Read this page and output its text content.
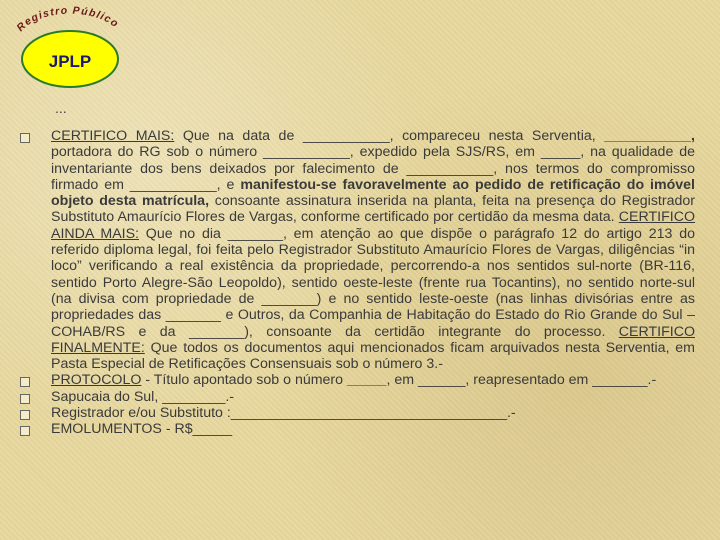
Registro Público
JPLP
...
CERTIFICO MAIS: Que na data de ___________, compareceu nesta Serventia, ___________, portadora do RG sob o número ___________, expedido pela SJS/RS, em _____, na qualidade de inventariante dos bens deixados por falecimento de ___________, nos termos do compromisso firmado em ___________, e manifestou-se favoravelmente ao pedido de retificação do imóvel objeto desta matrícula, consoante assinatura inserida na planta, feita na presença do Registrador Substituto Amaurício Flores de Vargas, conforme certificado por certidão da mesma data. CERTIFICO AINDA MAIS: Que no dia _______, em atenção ao que dispõe o parágrafo 12 do artigo 213 do referido diploma legal, foi feita pelo Registrador Substituto Amaurício Flores de Vargas, diligências “in loco” verificando a real existência da propriedade, percorrendo-a nos sentidos sul-norte (BR-116, sentido Porto Alegre-São Leopoldo), sentido oeste-leste (frente rua Tocantins), no sentido norte-sul (na divisa com propriedade de _______) e no sentido leste-oeste (nas linhas divisórias entre as propriedades das _______ e Outros, da Companhia de Habitação do Estado do Rio Grande do Sul – COHAB/RS e da _______), consoante da certidão integrante do processo. CERTIFICO FINALMENTE: Que todos os documentos aqui mencionados ficam arquivados nesta Serventia, em Pasta Especial de Retificações Consensuais sob o número 3.-
PROTOCOLO - Título apontado sob o número _____, em ______, reapresentado em _______.-
Sapucaia do Sul, ________.-
Registrador e/ou Substituto :___________________________________.-
EMOLUMENTOS - R$_____
